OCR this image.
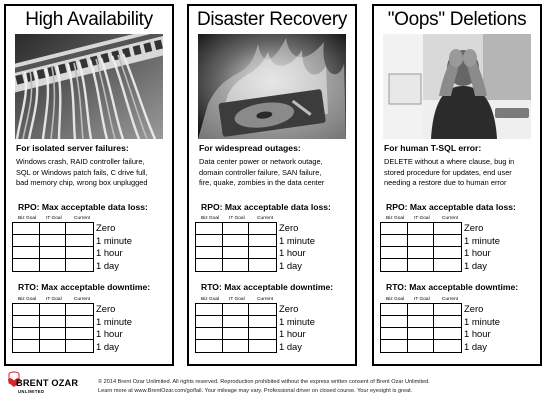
High Availability
For isolated server failures:
Windows crash, RAID controller failure,
SQL or Windows patch fails, C drive full,
bad memory chip, wrong box unplugged
RPO: Max acceptable data loss:
Biz Goal	IT Goal	Current
Zero
1 minute
1 hour
1 day
RTO: Max acceptable downtime:
Biz Goal	IT Goal	Current
Zero
1 minute
1 hour
1 day
Disaster Recovery
For widespread outages:
Data center power or network outage,
domain controller failure, SAN failure,
fire, quake, zombies in the data center
RPO: Max acceptable data loss:
Biz Goal	IT Goal	Current
Zero
1 minute
1 hour
1 day
RTO: Max acceptable downtime:
Biz Goal	IT Goal	Current
Zero
1 minute
1 hour
1 day
"Oops" Deletions
For human T-SQL error:
DELETE without a where clause, bug in
stored procedure for updates, end user
needing a restore due to human error
RPO: Max acceptable data loss:
Biz Goal	IT Goal	Current
Zero
1 minute
1 hour
1 day
RTO: Max acceptable downtime:
Biz Goal	IT Goal	Current
Zero
1 minute
1 hour
1 day
BRENT OZAR
UNLIMITED
© 2014 Brent Ozar Unlimited. All rights reserved. Reproduction prohibited without the express written consent of Brent Ozar Unlimited.
Learn more at www.BrentOzar.com/go/fail. Your mileage may vary. Professional driver on closed course. Your eyesight is great.
